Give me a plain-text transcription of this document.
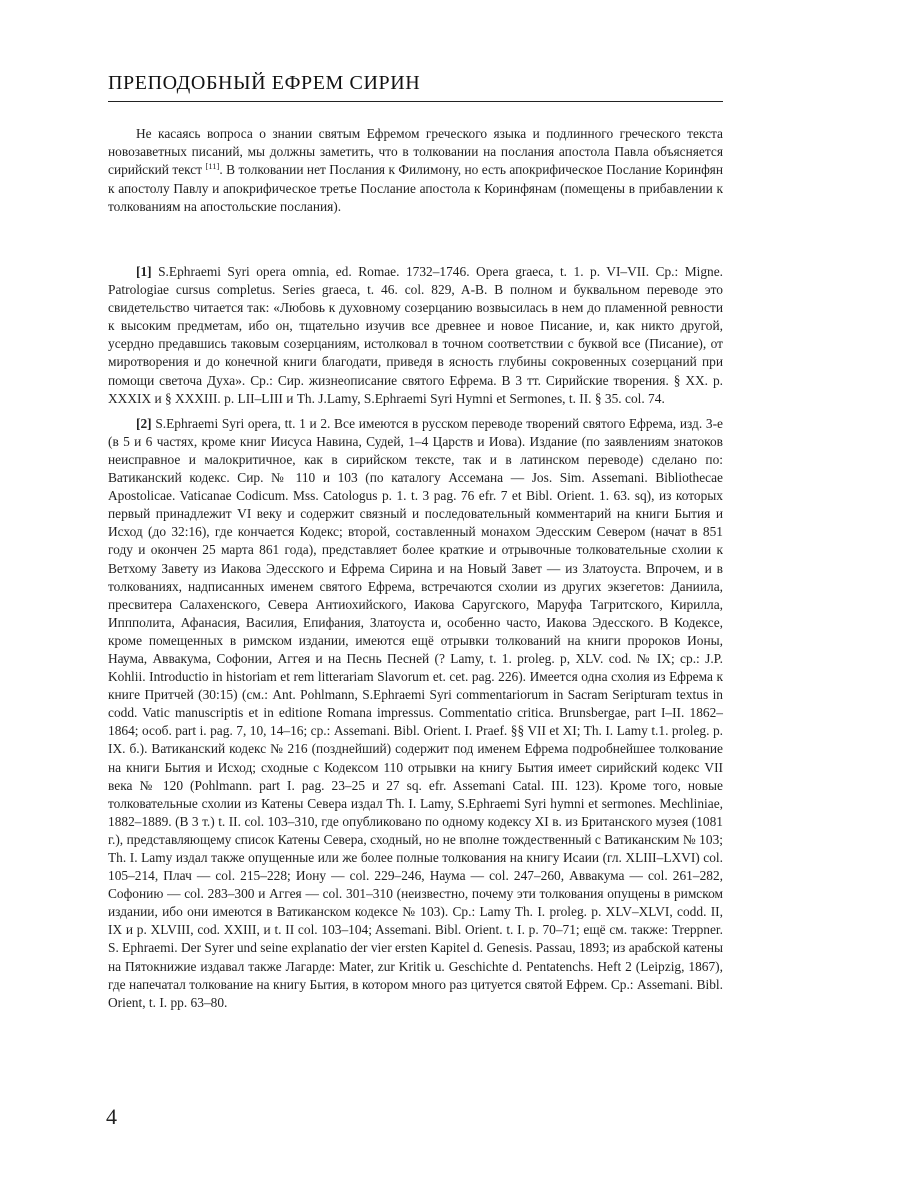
ПРЕПОДОБНЫЙ ЕФРЕМ СИРИН

Не касаясь вопроса о знании святым Ефремом греческого языка и подлинного греческого текста новозаветных писаний, мы должны заметить, что в толковании на послания апостола Павла объясняется сирийский текст [11]. В толковании нет Послания к Филимону, но есть апокрифическое Послание Коринфян к апостолу Павлу и апокрифическое третье Послание апостола к Коринфянам (помещены в прибавлении к толкованиям на апостольские послания).

[1] S.Ephraemi Syri opera omnia, ed. Romae. 1732–1746. Opera graeca, t. 1. p. VI–VII. Ср.: Migne. Patrologiae cursus completus. Series graeca, t. 46. col. 829, A-B. В полном и буквальном переводе это свидетельство читается так: «Любовь к духовному созерцанию возвысилась в нем до пламенной ревности к высоким предметам, ибо он, тщательно изучив все древнее и новое Писание, и, как никто другой, усердно предавшись таковым созерцаниям, истолковал в точном соответствии с буквой все (Писание), от миротворения и до конечной книги благодати, приведя в ясность глубины сокровенных созерцаний при помощи светоча Духа». Ср.: Сир. жизнеописание святого Ефрема. В 3 тт. Сирийские творения. § XX. p. XXXIX и § XXXIII. p. LII–LIII и Th. J.Lamy, S.Ephraemi Syri Hymni et Sermones, t. II. § 35. col. 74.

[2] S.Ephraemi Syri opera, tt. 1 и 2. Все имеются в русском переводе творений святого Ефрема, изд. 3-е (в 5 и 6 частях, кроме книг Иисуса Навина, Судей, 1–4 Царств и Иова). Издание (по заявлениям знатоков неисправное и малокритичное, как в сирийском тексте, так и в латинском переводе) сделано по: Ватиканский кодекс. Сир. № 110 и 103 (по каталогу Ассемана — Jos. Sim. Assemani. Bibliothecae Apostolicae. Vaticanae Codicum. Mss. Catologus p. 1. t. 3 pag. 76 efr. 7 et Bibl. Orient. 1. 63. sq), из которых первый принадлежит VI веку и содержит связный и последовательный комментарий на книги Бытия и Исход (до 32:16), где кончается Кодекс; второй, составленный монахом Эдесским Севером (начат в 851 году и окончен 25 марта 861 года), представляет более краткие и отрывочные толковательные схолии к Ветхому Завету из Иакова Эдесского и Ефрема Сирина и на Новый Завет — из Златоуста. Впрочем, и в толкованиях, надписанных именем святого Ефрема, встречаются схолии из других экзегетов: Даниила, пресвитера Салахенского, Севера Антиохийского, Иакова Саругского, Маруфа Тагритского, Кирилла, Иппполита, Афанасия, Василия, Епифания, Златоуста и, особенно часто, Иакова Эдесского. В Кодексе, кроме помещенных в римском издании, имеются ещё отрывки толкований на книги пророков Ионы, Наума, Аввакума, Софонии, Аггея и на Песнь Песней (? Lamy, t. 1. proleg. p, XLV. cod. № IX; ср.: J.P. Kohlii. Introductio in historiam et rem litterariam Slavorum et. cet. pag. 226). Имеется одна схолия из Ефрема к книге Притчей (30:15) (см.: Ant. Pohlmann, S.Ephraemi Syri commentariorum in Sacram Seripturam textus in codd. Vatic manuscriptis et in editione Romana impressus. Commentatio critica. Brunsbergae, part I–II. 1862–1864; особ. part i. pag. 7, 10, 14–16; ср.: Assemani. Bibl. Orient. I. Praef. §§ VII et XI; Th. I. Lamy t.1. proleg. p. IX. б.). Ватиканский кодекс № 216 (позднейший) содержит под именем Ефрема подробнейшее толкование на книги Бытия и Исход; сходные с Кодексом 110 отрывки на книгу Бытия имеет сирийский кодекс VII века № 120 (Pohlmann. part I. pag. 23–25 и 27 sq. efr. Assemani Catal. III. 123). Кроме того, новые толковательные схолии из Катены Севера издал Th. I. Lamy, S.Ephraemi Syri hymni et sermones. Mechliniae, 1882–1889. (В 3 т.) t. II. col. 103–310, где опубликовано по одному кодексу XI в. из Британского музея (1081 г.), представляющему список Катены Севера, сходный, но не вполне тождественный с Ватиканским № 103; Th. I. Lamy издал также опущенные или же более полные толкования на книгу Исаии (гл. XLIII–LXVI) col. 105–214, Плач — col. 215–228; Иону — col. 229–246, Наума — col. 247–260, Аввакума — col. 261–282, Софонию — col. 283–300 и Аггея — col. 301–310 (неизвестно, почему эти толкования опущены в римском издании, ибо они имеются в Ватиканском кодексе № 103). Ср.: Lamy Th. I. proleg. p. XLV–XLVI, codd. II, IX и p. XLVIII, cod. XXIII, и t. II col. 103–104; Assemani. Bibl. Orient. t. I. p. 70–71; ещё см. также: Treppner. S. Ephraemi. Der Syrer und seine explanatio der vier ersten Kapitel d. Genesis. Passau, 1893; из арабской катены на Пятокнижие издавал также Лагарде: Mater, zur Kritik u. Geschichte d. Pentatenchs. Heft 2 (Leipzig, 1867), где напечатал толкование на книгу Бытия, в котором много раз цитуется святой Ефрем. Ср.: Assemani. Bibl. Orient, t. I. pp. 63–80.

4
